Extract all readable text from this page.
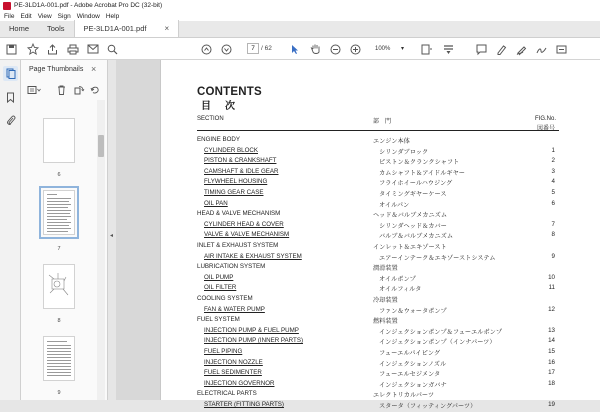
PE-3LD1A-001.pdf - Adobe Acrobat Pro DC (32-bit)
File Edit View Sign Window Help
Home Tools	PE-3LD1A-001.pdf ×
7 / 62	100% ▾
Page Thumbnails ×
6
7
8
9
◂
CONTENTS
目次
SECTION	部　門	FIG.No.
図番号
ENGINE BODY	エンジン本体
CYLINDER BLOCK	シリンダブロック	1
PISTON & CRANKSHAFT	ピストン＆クランクシャフト	2
CAMSHAFT & IDLE GEAR	カムシャフト＆アイドルギヤー	3
FLYWHEEL HOUSING	フライホイールハウジング	4
TIMING GEAR CASE	タイミングギヤーケース	5
OIL PAN	オイルパン	6
HEAD & VALVE MECHANISM	ヘッド＆バルブメカニズム
CYLINDER HEAD & COVER	シリンダヘッド＆カバー	7
VALVE & VALVE MECHANISM	バルブ＆バルブメカニズム	8
INLET & EXHAUST SYSTEM	インレット＆エキゾースト
AIR INTAKE & EXHAUST SYSTEM	エアーインテーク＆エキゾーストシステム	9
LUBRICATION SYSTEM	潤滑装置
OIL PUMP	オイルポンプ	10
OIL FILTER	オイルフィルタ	11
COOLING SYSTEM	冷却装置
FAN & WATER PUMP	ファン＆ウォータポンプ	12
FUEL SYSTEM	燃料装置
INJECTION PUMP & FUEL PUMP	インジェクションポンプ＆フューエルポンプ	13
INJECTION PUMP (INNER PARTS)	インジェクションポンプ（インナパーツ）	14
FUEL PIPING	フューエルパイピング	15
INJECTION NOZZLE	インジェクションノズル	16
FUEL SEDIMENTER	フューエルセジメンタ	17
INJECTION GOVERNOR	インジェクションガバナ	18
ELECTRICAL PARTS	エレクトリカルパーツ
STARTER (FITTING PARTS)	スタータ（フィッティングパーツ）	19
